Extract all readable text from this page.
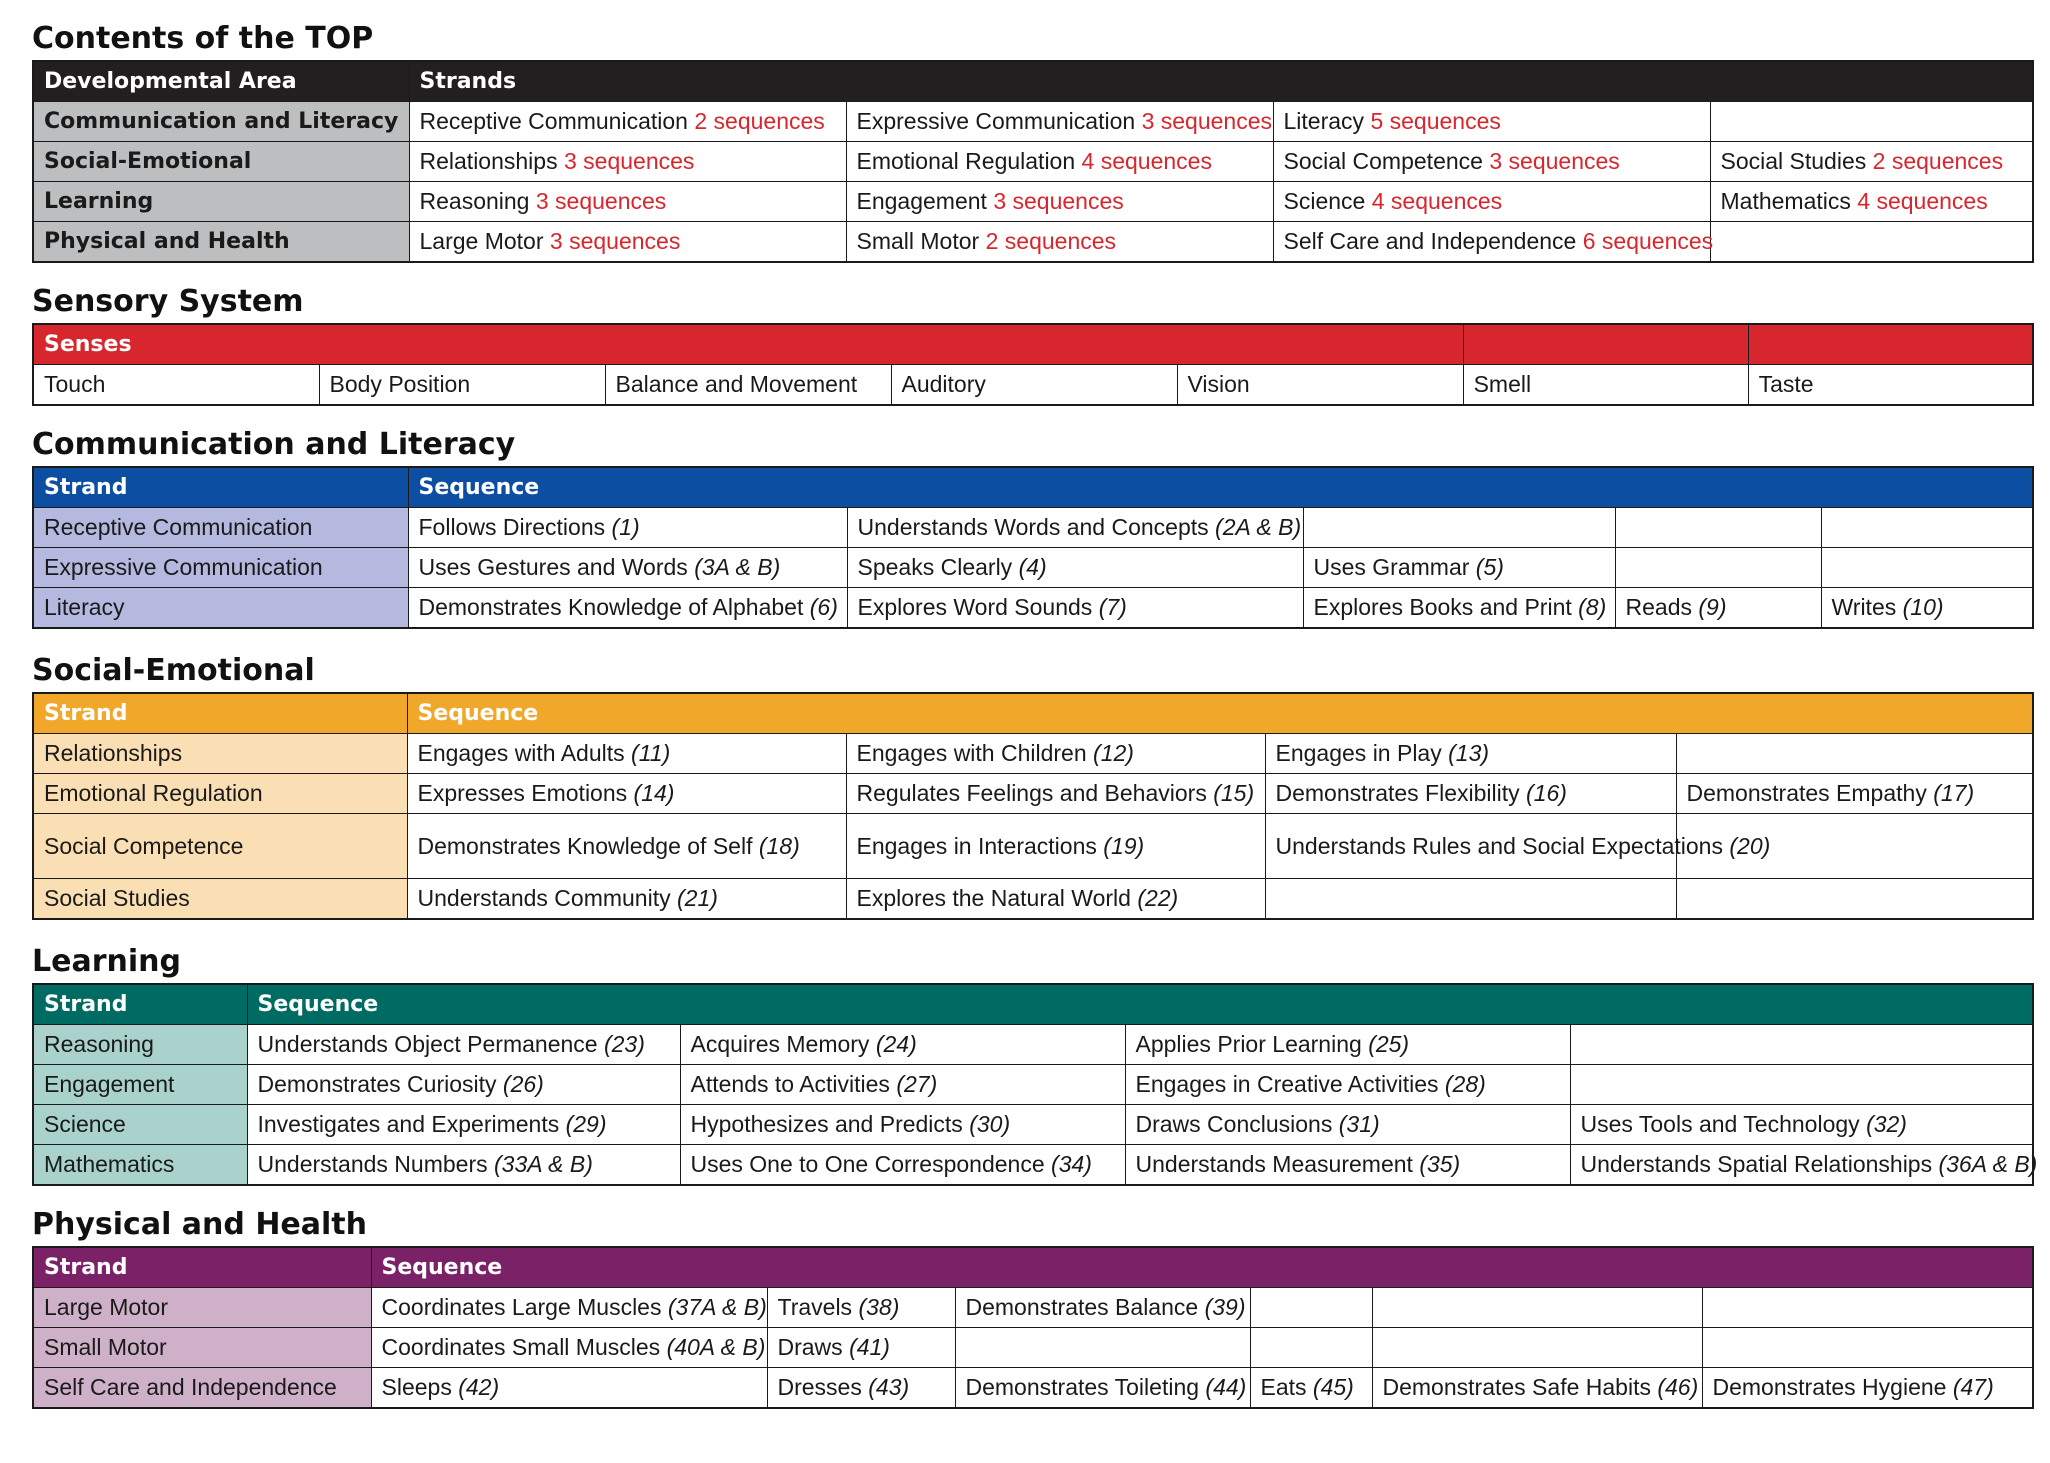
Contents of the TOP
Developmental Area	Strands			
Communication and Literacy	Receptive Communication 2 sequences	Expressive Communication 3 sequences	Literacy 5 sequences	
Social-Emotional	Relationships 3 sequences	Emotional Regulation 4 sequences	Social Competence 3 sequences	Social Studies 2 sequences
Learning	Reasoning 3 sequences	Engagement 3 sequences	Science 4 sequences	Mathematics 4 sequences
Physical and Health	Large Motor 3 sequences	Small Motor 2 sequences	Self Care and Independence 6 sequences	
Sensory System
Senses						
Touch	Body Position	Balance and Movement	Auditory	Vision	Smell	Taste
Communication and Literacy
Strand	Sequence				
Receptive Communication	Follows Directions (1)	Understands Words and Concepts (2A & B)			
Expressive Communication	Uses Gestures and Words (3A & B)	Speaks Clearly (4)	Uses Grammar (5)		
Literacy	Demonstrates Knowledge of Alphabet (6)	Explores Word Sounds (7)	Explores Books and Print (8)	Reads (9)	Writes (10)
Social-Emotional
Strand	Sequence			
Relationships	Engages with Adults (11)	Engages with Children (12)	Engages in Play (13)	
Emotional Regulation	Expresses Emotions (14)	Regulates Feelings and Behaviors (15)	Demonstrates Flexibility (16)	Demonstrates Empathy (17)
Social Competence	Demonstrates Knowledge of Self (18)	Engages in Interactions (19)	Understands Rules and Social Expectations (20)	
Social Studies	Understands Community (21)	Explores the Natural World (22)		
Learning
Strand	Sequence			
Reasoning	Understands Object Permanence (23)	Acquires Memory (24)	Applies Prior Learning (25)	
Engagement	Demonstrates Curiosity (26)	Attends to Activities (27)	Engages in Creative Activities (28)	
Science	Investigates and Experiments (29)	Hypothesizes and Predicts (30)	Draws Conclusions (31)	Uses Tools and Technology (32)
Mathematics	Understands Numbers (33A & B)	Uses One to One Correspondence (34)	Understands Measurement (35)	Understands Spatial Relationships (36A & B)
Physical and Health
Strand	Sequence					
Large Motor	Coordinates Large Muscles (37A & B)	Travels (38)	Demonstrates Balance (39)			
Small Motor	Coordinates Small Muscles (40A & B)	Draws (41)				
Self Care and Independence	Sleeps (42)	Dresses (43)	Demonstrates Toileting (44)	Eats (45)	Demonstrates Safe Habits (46)	Demonstrates Hygiene (47)
